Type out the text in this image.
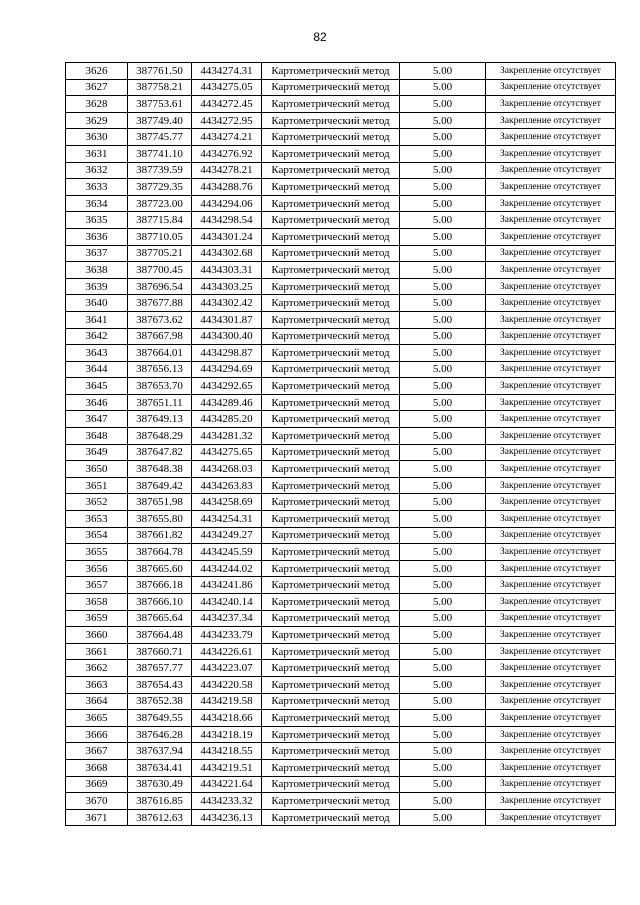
82
3626	387761.50	4434274.31	Картометрический метод	5.00	Закрепление отсутствует
3627	387758.21	4434275.05	Картометрический метод	5.00	Закрепление отсутствует
3628	387753.61	4434272.45	Картометрический метод	5.00	Закрепление отсутствует
3629	387749.40	4434272.95	Картометрический метод	5.00	Закрепление отсутствует
3630	387745.77	4434274.21	Картометрический метод	5.00	Закрепление отсутствует
3631	387741.10	4434276.92	Картометрический метод	5.00	Закрепление отсутствует
3632	387739.59	4434278.21	Картометрический метод	5.00	Закрепление отсутствует
3633	387729.35	4434288.76	Картометрический метод	5.00	Закрепление отсутствует
3634	387723.00	4434294.06	Картометрический метод	5.00	Закрепление отсутствует
3635	387715.84	4434298.54	Картометрический метод	5.00	Закрепление отсутствует
3636	387710.05	4434301.24	Картометрический метод	5.00	Закрепление отсутствует
3637	387705.21	4434302.68	Картометрический метод	5.00	Закрепление отсутствует
3638	387700.45	4434303.31	Картометрический метод	5.00	Закрепление отсутствует
3639	387696.54	4434303.25	Картометрический метод	5.00	Закрепление отсутствует
3640	387677.88	4434302.42	Картометрический метод	5.00	Закрепление отсутствует
3641	387673.62	4434301.87	Картометрический метод	5.00	Закрепление отсутствует
3642	387667.98	4434300.40	Картометрический метод	5.00	Закрепление отсутствует
3643	387664.01	4434298.87	Картометрический метод	5.00	Закрепление отсутствует
3644	387656.13	4434294.69	Картометрический метод	5.00	Закрепление отсутствует
3645	387653.70	4434292.65	Картометрический метод	5.00	Закрепление отсутствует
3646	387651.11	4434289.46	Картометрический метод	5.00	Закрепление отсутствует
3647	387649.13	4434285.20	Картометрический метод	5.00	Закрепление отсутствует
3648	387648.29	4434281.32	Картометрический метод	5.00	Закрепление отсутствует
3649	387647.82	4434275.65	Картометрический метод	5.00	Закрепление отсутствует
3650	387648.38	4434268.03	Картометрический метод	5.00	Закрепление отсутствует
3651	387649.42	4434263.83	Картометрический метод	5.00	Закрепление отсутствует
3652	387651.98	4434258.69	Картометрический метод	5.00	Закрепление отсутствует
3653	387655.80	4434254.31	Картометрический метод	5.00	Закрепление отсутствует
3654	387661.82	4434249.27	Картометрический метод	5.00	Закрепление отсутствует
3655	387664.78	4434245.59	Картометрический метод	5.00	Закрепление отсутствует
3656	387665.60	4434244.02	Картометрический метод	5.00	Закрепление отсутствует
3657	387666.18	4434241.86	Картометрический метод	5.00	Закрепление отсутствует
3658	387666.10	4434240.14	Картометрический метод	5.00	Закрепление отсутствует
3659	387665.64	4434237.34	Картометрический метод	5.00	Закрепление отсутствует
3660	387664.48	4434233.79	Картометрический метод	5.00	Закрепление отсутствует
3661	387660.71	4434226.61	Картометрический метод	5.00	Закрепление отсутствует
3662	387657.77	4434223.07	Картометрический метод	5.00	Закрепление отсутствует
3663	387654.43	4434220.58	Картометрический метод	5.00	Закрепление отсутствует
3664	387652.38	4434219.58	Картометрический метод	5.00	Закрепление отсутствует
3665	387649.55	4434218.66	Картометрический метод	5.00	Закрепление отсутствует
3666	387646.28	4434218.19	Картометрический метод	5.00	Закрепление отсутствует
3667	387637.94	4434218.55	Картометрический метод	5.00	Закрепление отсутствует
3668	387634.41	4434219.51	Картометрический метод	5.00	Закрепление отсутствует
3669	387630.49	4434221.64	Картометрический метод	5.00	Закрепление отсутствует
3670	387616.85	4434233.32	Картометрический метод	5.00	Закрепление отсутствует
3671	387612.63	4434236.13	Картометрический метод	5.00	Закрепление отсутствует
